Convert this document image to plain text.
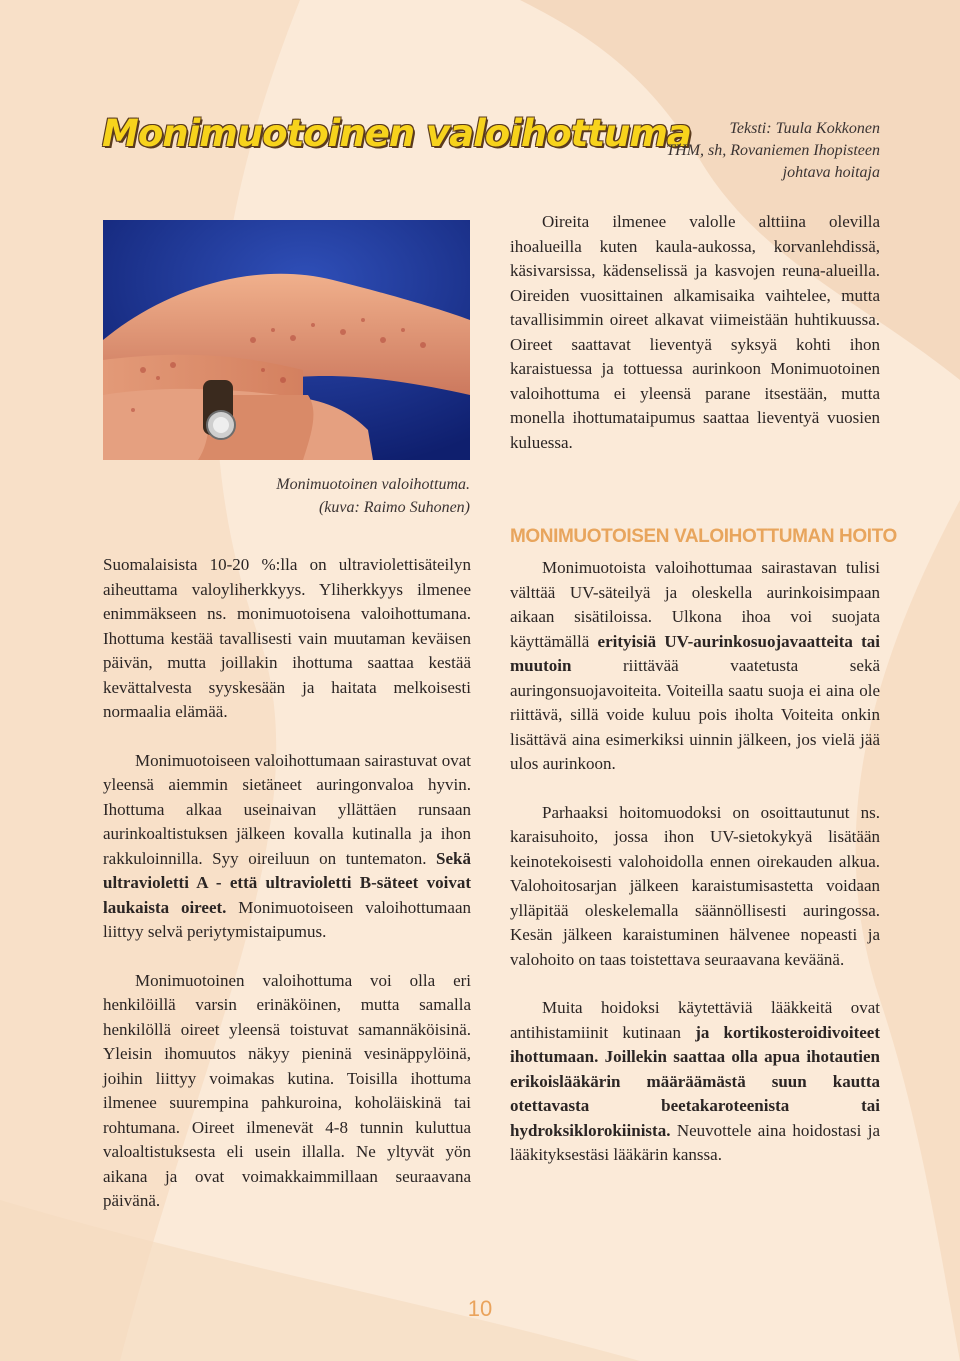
Monimuotoinen valoihottuma	Teksti: Tuula Kokkonen
THM, sh, Rovaniemen Ihopisteen
johtava hoitaja
Monimuotoinen valoihottuma.
(kuva: Raimo Suhonen)

Suomalaisista 10-20 %:lla on ultraviolettisäteilyn aiheuttama valoyliherkkyys. Yliherkkyys ilmenee enimmäkseen ns. monimuotoisena valoihottumana. Ihottuma kestää tavallisesti vain muutaman keväisen päivän, mutta joillakin ihottuma saattaa kestää kevättalvesta syyskesään ja haitata melkoisesti normaalia elämää.

Monimuotoiseen valoihottumaan sairastuvat ovat yleensä aiemmin sietäneet auringonvaloa hyvin. Ihottuma alkaa useinaivan yllättäen runsaan aurinkoaltistuksen jälkeen kovalla kutinalla ja ihon rakkuloinnilla. Syy oireiluun on tuntematon. Sekä ultravioletti A - että ultravioletti B-säteet voivat laukaista oireet. Monimuotoiseen valoihottumaan liittyy selvä periytymistaipumus.

Monimuotoinen valoihottuma voi olla eri henkilöillä varsin erinäköinen, mutta samalla henkilöllä oireet yleensä toistuvat samannäköisinä. Yleisin ihomuutos näkyy pieninä vesinäppylöinä, joihin liittyy voimakas kutina. Toisilla ihottuma ilmenee suurempina pahkuroina, koholäiskinä tai rohtumana. Oireet ilmenevät 4-8 tunnin kuluttua valoaltistuksesta eli usein illalla. Ne yltyvät yön aikana ja ovat voimakkaimmillaan seuraavana päivänä.

Oireita ilmenee valolle alttiina olevilla ihoalueilla kuten kaula-aukossa, korvanlehdissä, käsivarsissa, kädenselissä ja kasvojen reuna-alueilla. Oireiden vuosittainen alkamisaika vaihtelee, mutta tavallisimmin oireet alkavat viimeistään huhtikuussa. Oireet saattavat lieventyä syksyä kohti ihon karaistuessa ja tottuessa aurinkoon Monimuotoinen valoihottuma ei yleensä parane itsestään, mutta monella ihottumataipumus saattaa lieventyä vuosien kuluessa.

MONIMUOTOISEN VALOIHOTTUMAN HOITO

Monimuotoista valoihottumaa sairastavan tulisi välttää UV-säteilyä ja oleskella aurinkoisimpaan aikaan sisätiloissa. Ulkona ihoa voi suojata käyttämällä erityisiä UV-aurinkosuojavaatteita tai muutoin	riittävää vaatetusta sekä auringonsuojavoiteita. Voiteilla saatu suoja ei aina ole riittävä, sillä voide kuluu pois iholta Voiteita onkin lisättävä aina esimerkiksi uinnin jälkeen, jos vielä jää ulos aurinkoon.

Parhaaksi hoitomuodoksi on osoittautunut ns. karaisuhoito, jossa ihon UV-sietokykyä lisätään keinotekoisesti valohoidolla ennen oirekauden alkua. Valohoitosarjan jälkeen karaistumisastetta voidaan ylläpitää oleskelemalla säännöllisesti auringossa. Kesän jälkeen karaistuminen hälvenee nopeasti ja valohoito on taas toistettava seuraavana keväänä.

Muita hoidoksi käytettäviä lääkkeitä ovat antihistamiinit kutinaan ja kortikosteroidivoiteet ihottumaan. Joillekin saattaa olla apua ihotautien erikoislääkärin määräämästä suun kautta otettavasta beetakaroteenista tai hydroksiklorokiinista. Neuvottele aina hoidostasi ja lääkityksestäsi lääkärin kanssa.

10
